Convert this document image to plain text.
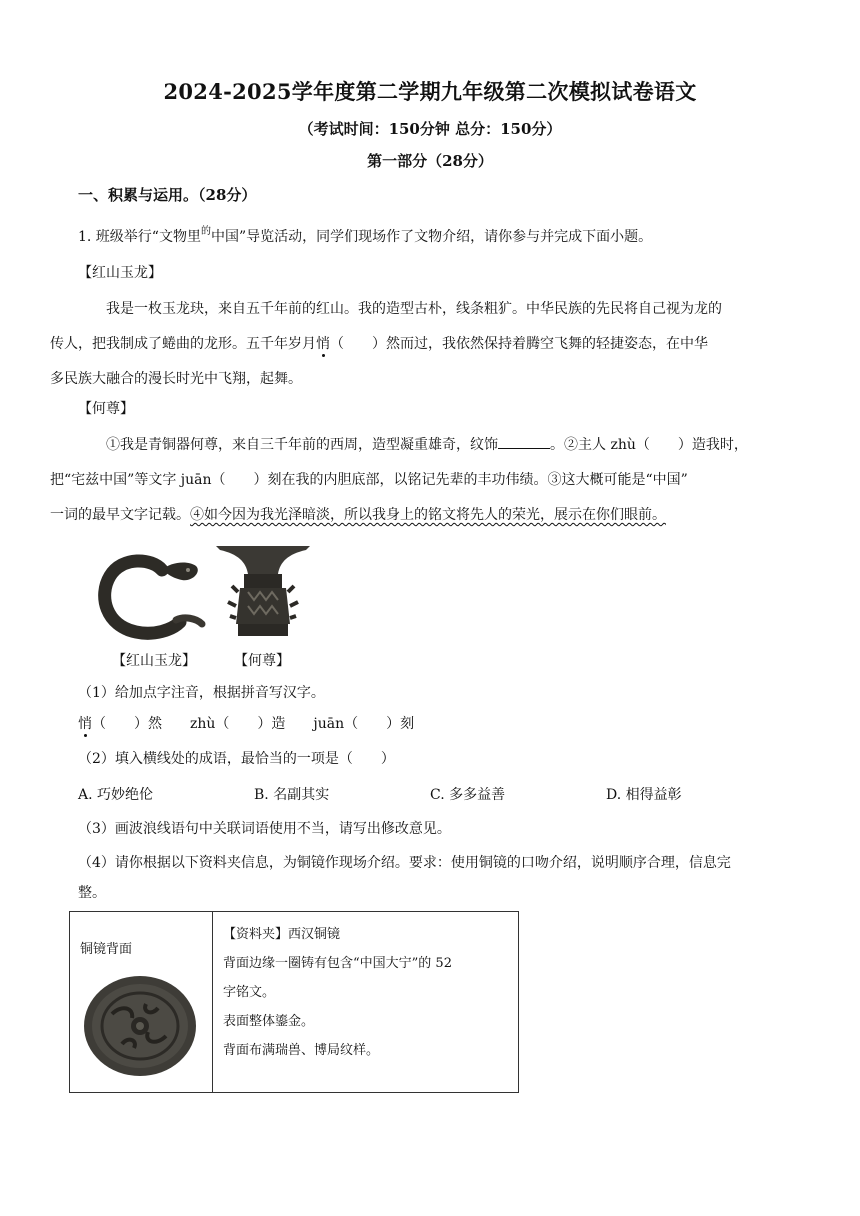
2024-2025学年度第二学期九年级第二次模拟试卷语文
（考试时间：150分钟 总分：150分）
第一部分（28分）
一、积累与运用。（28分）
1. 班级举行“文物里$^的$中国”导览活动，同学们现场作了文物介绍，请你参与并完成下面小题。
【红山玉龙】
我是一枚玉龙玦，来自五千年前的红山。我的造型古朴，线条粗犷。中华民族的先民将自己视为龙的
传人，把我制成了蜷曲的龙形。五千年岁月悄（　　）然而过，我依然保持着腾空飞舞的轻捷姿态，在中华
多民族大融合的漫长时光中飞翔，起舞。
【何尊】
①我是青铜器何尊，来自三千年前的西周，造型凝重雄奇，纹饰	。②主人 zhù（　　）造我时，
把“宅兹中国”等文字 juān（　　）刻在我的内胆底部，以铭记先辈的丰功伟绩。③这大概可能是“中国”
一词的最早文字记载。④如今因为我光泽暗淡，所以我身上的铭文将先人的荣光，展示在你们眼前。
【红山玉龙】	【何尊】
（1）给加点字注音，根据拼音写汉字。
悄（　　）然　　zhù（　　）造　　juān（　　）刻
（2）填入横线处的成语，最恰当的一项是（　　）
A. 巧妙绝伦	B. 名副其实	C. 多多益善	D. 相得益彰
（3）画波浪线语句中关联词语使用不当，请写出修改意见。
（4）请你根据以下资料夹信息，为铜镜作现场介绍。要求：使用铜镜的口吻介绍，说明顺序合理，信息完
整。
铜镜背面

【资料夹】西汉铜镜
背面边缘一圈铸有包含“中国大宁”的 52
字铭文。
表面整体鎏金。
背面布满瑞兽、博局纹样。
